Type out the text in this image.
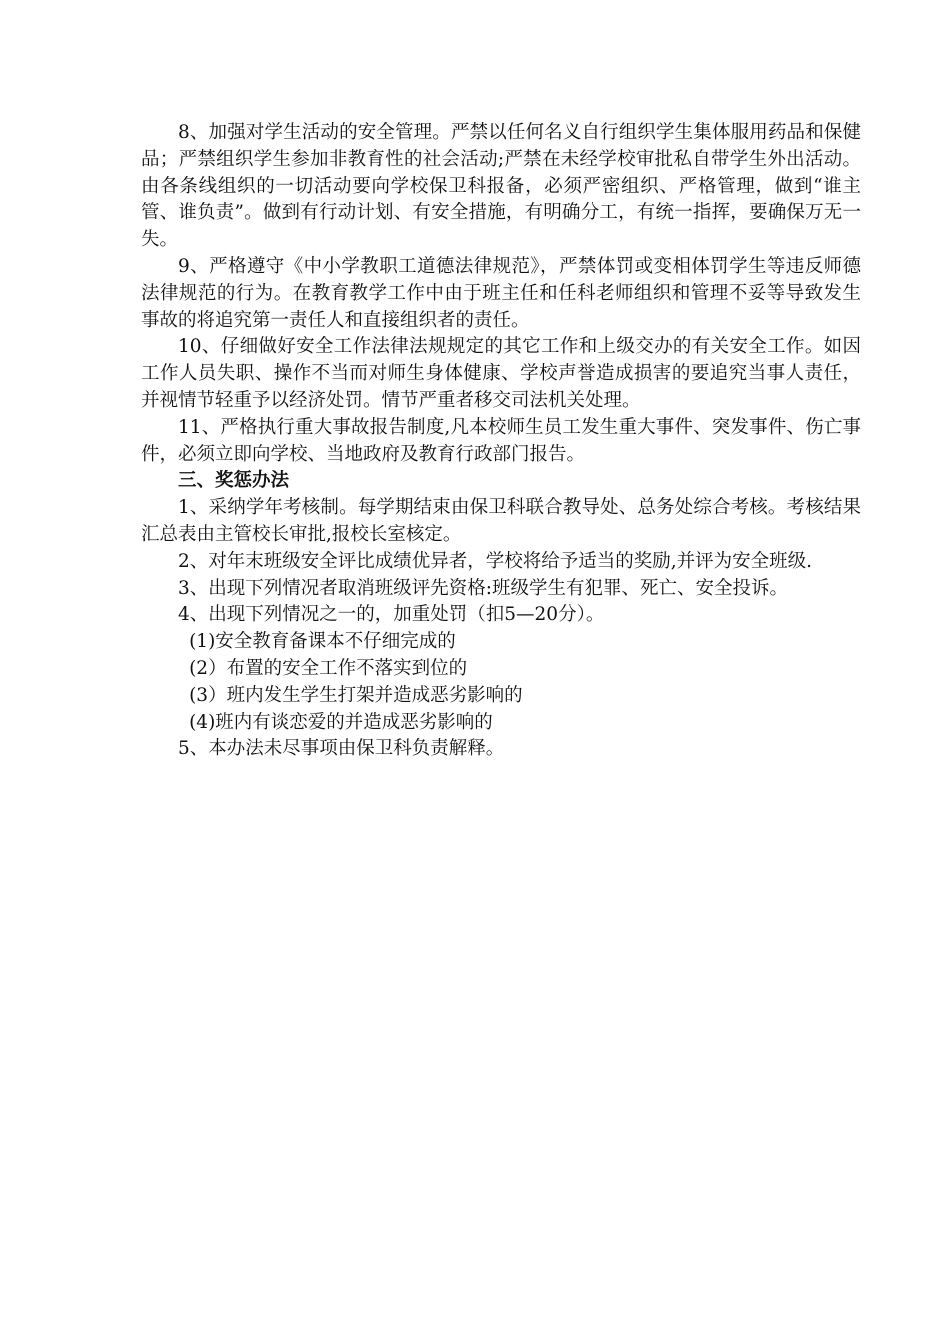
8、加强对学生活动的安全管理。严禁以任何名义自行组织学生集体服用药品和保健品；严禁组织学生参加非教育性的社会活动;严禁在未经学校审批私自带学生外出活动。由各条线组织的一切活动要向学校保卫科报备，必须严密组织、严格管理，做到“谁主管、谁负责”。做到有行动计划、有安全措施，有明确分工，有统一指挥，要确保万无一失。

9、严格遵守《中小学教职工道德法律规范》，严禁体罚或变相体罚学生等违反师德法律规范的行为。在教育教学工作中由于班主任和任科老师组织和管理不妥等导致发生事故的将追究第一责任人和直接组织者的责任。

10、仔细做好安全工作法律法规规定的其它工作和上级交办的有关安全工作。如因工作人员失职、操作不当而对师生身体健康、学校声誉造成损害的要追究当事人责任，并视情节轻重予以经济处罚。情节严重者移交司法机关处理。

11、严格执行重大事故报告制度,凡本校师生员工发生重大事件、突发事件、伤亡事件，必须立即向学校、当地政府及教育行政部门报告。

三、奖惩办法

1、采纳学年考核制。每学期结束由保卫科联合教导处、总务处综合考核。考核结果汇总表由主管校长审批,报校长室核定。

2、对年末班级安全评比成绩优异者，学校将给予适当的奖励,并评为安全班级.

3、出现下列情况者取消班级评先资格:班级学生有犯罪、死亡、安全投诉。

4、出现下列情况之一的，加重处罚（扣5—20分）。

(1)安全教育备课本不仔细完成的

(2）布置的安全工作不落实到位的

(3）班内发生学生打架并造成恶劣影响的

(4)班内有谈恋爱的并造成恶劣影响的

5、本办法未尽事项由保卫科负责解释。
